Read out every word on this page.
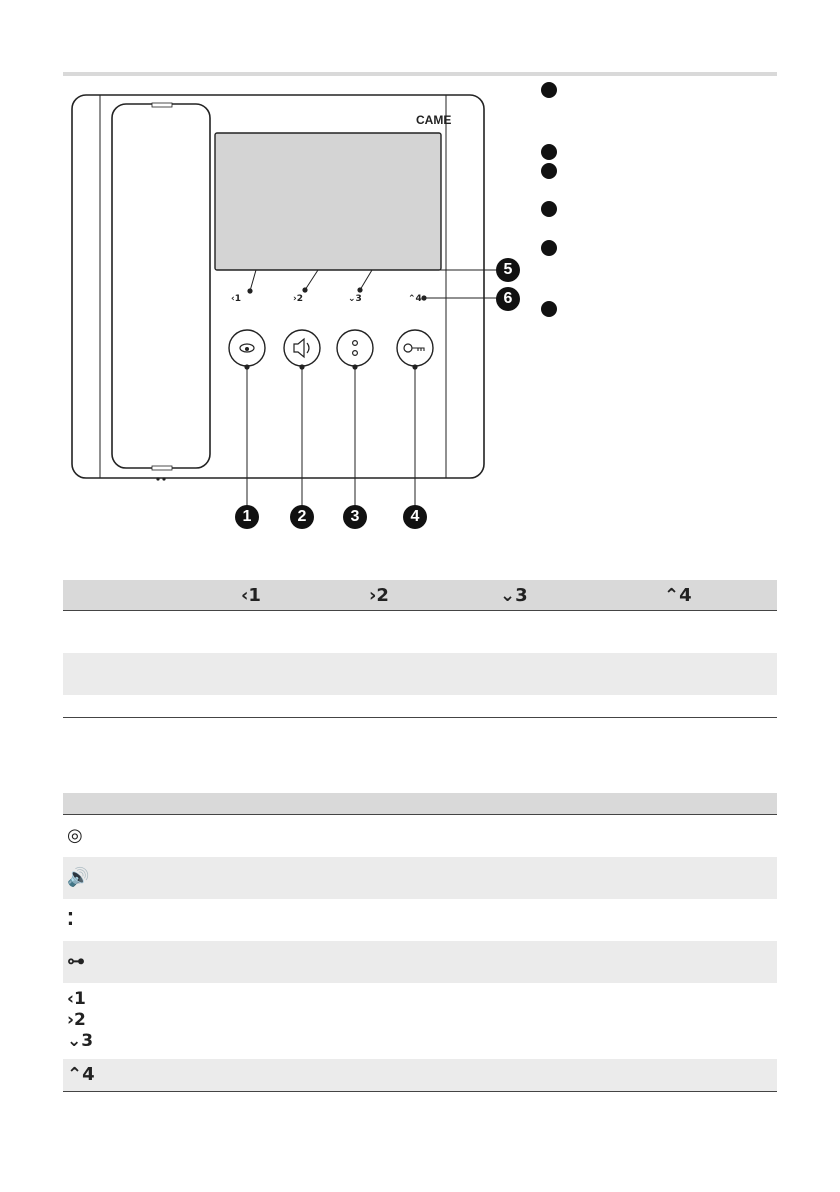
CAME
‹1	›2	⌄3	⌃4
1	2	3	4
5
6
‹1	›2	⌄3	⌃4
◎
🔊
⁚
⊶
‹1
›2
⌄3
⌃4
